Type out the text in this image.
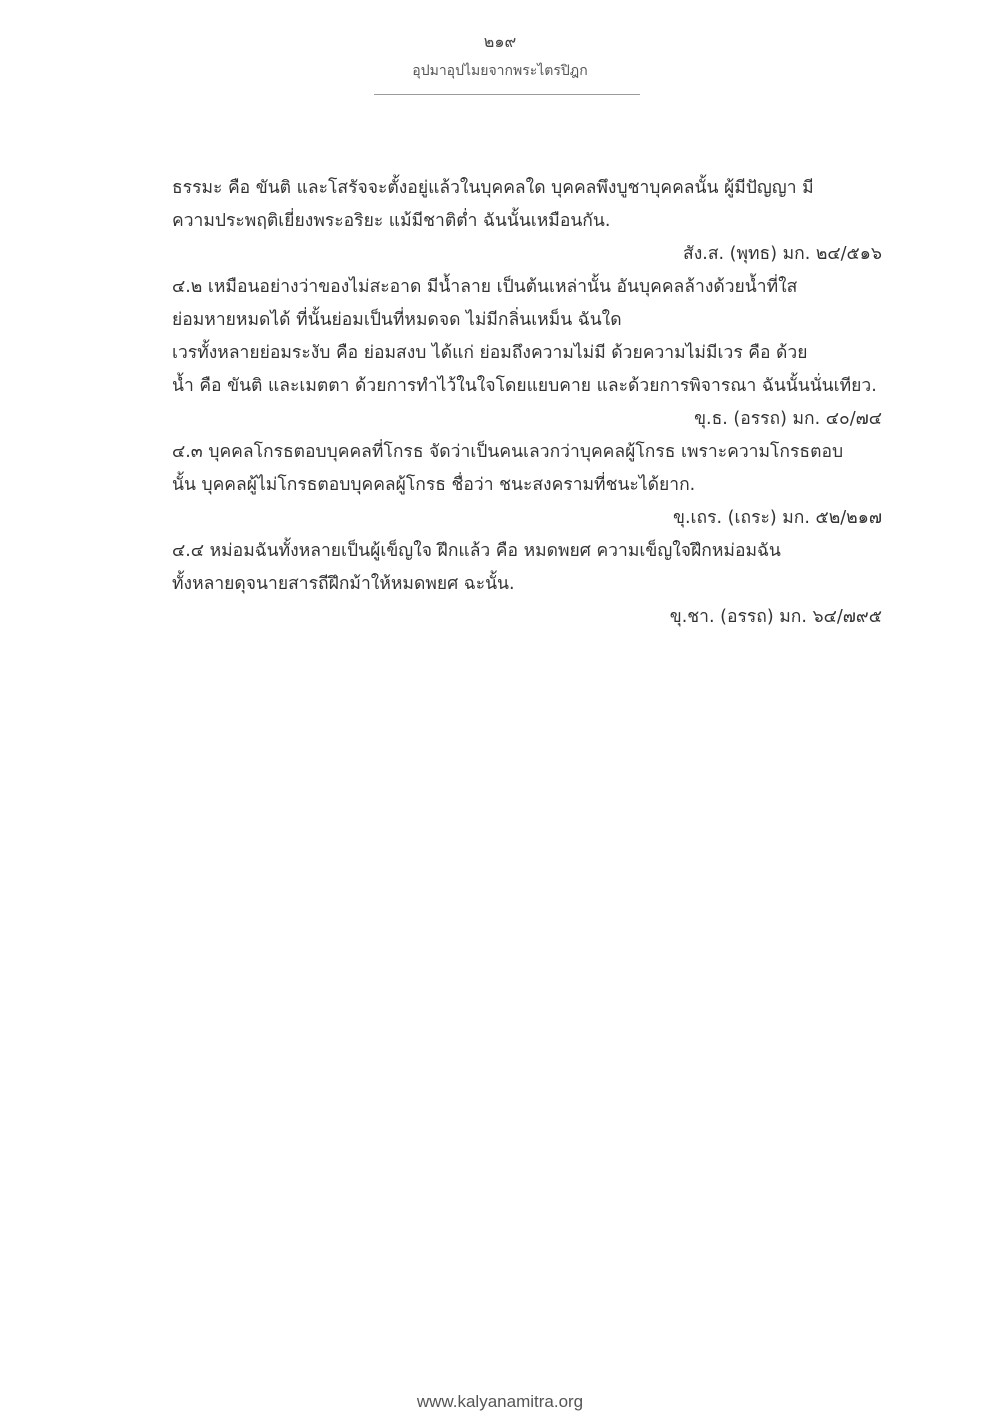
๒๑๙
อุปมาอุปไมยจากพระไตรปิฎก

ธรรมะ คือ ขันติ และโสรัจจะตั้งอยู่แล้วในบุคคลใด บุคคลพึงบูชาบุคคลนั้น ผู้มีปัญญา มี
ความประพฤติเยี่ยงพระอริยะ แม้มีชาติต่ำ ฉันนั้นเหมือนกัน.

สัง.ส. (พุทธ) มก. ๒๔/๕๑๖

๔.๒ เหมือนอย่างว่าของไม่สะอาด มีน้ำลาย เป็นต้นเหล่านั้น อันบุคคลล้างด้วยน้ำที่ใส
ย่อมหายหมดได้ ที่นั้นย่อมเป็นที่หมดจด ไม่มีกลิ่นเหม็น ฉันใด

เวรทั้งหลายย่อมระงับ คือ ย่อมสงบ ได้แก่ ย่อมถึงความไม่มี ด้วยความไม่มีเวร คือ ด้วย
น้ำ คือ ขันติ และเมตตา ด้วยการทำไว้ในใจโดยแยบคาย และด้วยการพิจารณา ฉันนั้นนั่นเทียว.

ขุ.ธ. (อรรถ) มก. ๔๐/๗๔

๔.๓ บุคคลโกรธตอบบุคคลที่โกรธ จัดว่าเป็นคนเลวกว่าบุคคลผู้โกรธ เพราะความโกรธตอบ
นั้น บุคคลผู้ไม่โกรธตอบบุคคลผู้โกรธ ชื่อว่า ชนะสงครามที่ชนะได้ยาก.

ขุ.เถร. (เถระ) มก. ๕๒/๒๑๗

๔.๔ หม่อมฉันทั้งหลายเป็นผู้เข็ญใจ ฝึกแล้ว คือ หมดพยศ ความเข็ญใจฝึกหม่อมฉัน
ทั้งหลายดุจนายสารถีฝึกม้าให้หมดพยศ ฉะนั้น.

ขุ.ชา. (อรรถ) มก. ๖๔/๗๙๕

www.kalyanamitra.org
